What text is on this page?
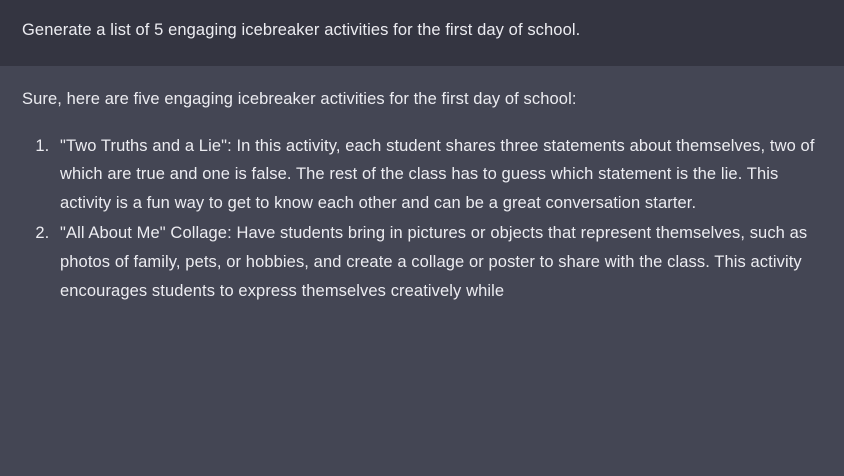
Generate a list of 5 engaging icebreaker activities for the first day of school.

Sure, here are five engaging icebreaker activities for the first day of school:

1. "Two Truths and a Lie": In this activity, each student shares three statements about themselves, two of which are true and one is false. The rest of the class has to guess which statement is the lie. This activity is a fun way to get to know each other and can be a great conversation starter.
2. "All About Me" Collage: Have students bring in pictures or objects that represent themselves, such as photos of family, pets, or hobbies, and create a collage or poster to share with the class. This activity encourages students to express themselves creatively while
